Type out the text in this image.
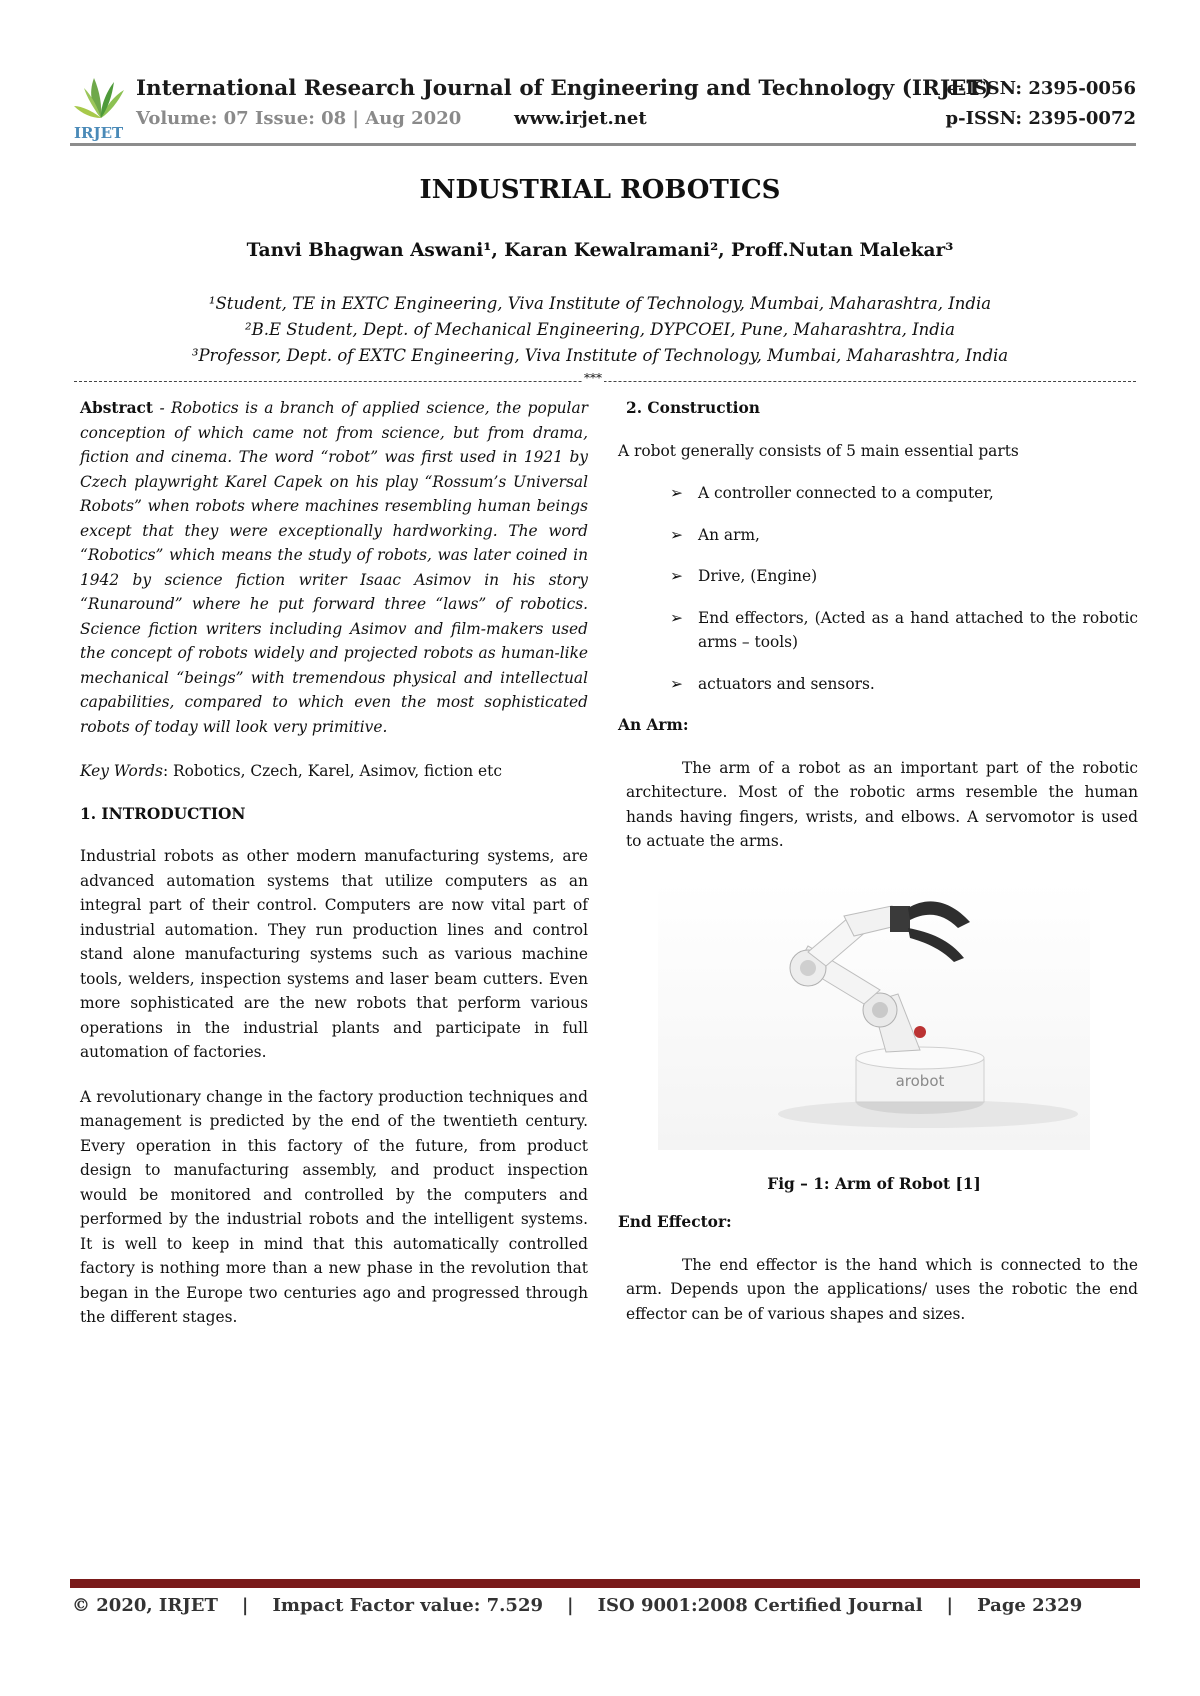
IRJET
International Research Journal of Engineering and Technology (IRJET)
Volume: 07 Issue: 08 | Aug 2020	www.irjet.net
e-ISSN: 2395-0056
p-ISSN: 2395-0072
INDUSTRIAL ROBOTICS
Tanvi Bhagwan Aswani¹, Karan Kewalramani², Proff.Nutan Malekar³
¹Student, TE in EXTC Engineering, Viva Institute of Technology, Mumbai, Maharashtra, India
²B.E Student, Dept. of Mechanical Engineering, DYPCOEI, Pune, Maharashtra, India
³Professor, Dept. of EXTC Engineering, Viva Institute of Technology, Mumbai, Maharashtra, India
***

Abstract - Robotics is a branch of applied science, the popular conception of which came not from science, but from drama, fiction and cinema. The word “robot” was first used in 1921 by Czech playwright Karel Capek on his play “Rossum’s Universal Robots” when robots where machines resembling human beings except that they were exceptionally hardworking. The word “Robotics” which means the study of robots, was later coined in 1942 by science fiction writer Isaac Asimov in his story “Runaround” where he put forward three “laws” of robotics. Science fiction writers including Asimov and film-makers used the concept of robots widely and projected robots as human-like mechanical “beings” with tremendous physical and intellectual capabilities, compared to which even the most sophisticated robots of today will look very primitive.

Key Words: Robotics, Czech, Karel, Asimov, fiction etc

1. INTRODUCTION

Industrial robots as other modern manufacturing systems, are advanced automation systems that utilize computers as an integral part of their control. Computers are now vital part of industrial automation. They run production lines and control stand alone manufacturing systems such as various machine tools, welders, inspection systems and laser beam cutters. Even more sophisticated are the new robots that perform various operations in the industrial plants and participate in full automation of factories.

A revolutionary change in the factory production techniques and management is predicted by the end of the twentieth century. Every operation in this factory of the future, from product design to manufacturing assembly, and product inspection would be monitored and controlled by the computers and performed by the industrial robots and the intelligent systems. It is well to keep in mind that this automatically controlled factory is nothing more than a new phase in the revolution that began in the Europe two centuries ago and progressed through the different stages.

2. Construction

A robot generally consists of 5 main essential parts

➢ A controller connected to a computer,
➢ An arm,
➢ Drive, (Engine)
➢ End effectors, (Acted as a hand attached to the robotic arms – tools)
➢ actuators and sensors.
An Arm:

The arm of a robot as an important part of the robotic architecture. Most of the robotic arms resemble the human hands having fingers, wrists, and elbows. A servomotor is used to actuate the arms.

arobot
Fig – 1: Arm of Robot [1]
End Effector:

The end effector is the hand which is connected to the arm. Depends upon the applications/ uses the robotic the end effector can be of various shapes and sizes.

© 2020, IRJET | Impact Factor value: 7.529 | ISO 9001:2008 Certified Journal | Page 2329
